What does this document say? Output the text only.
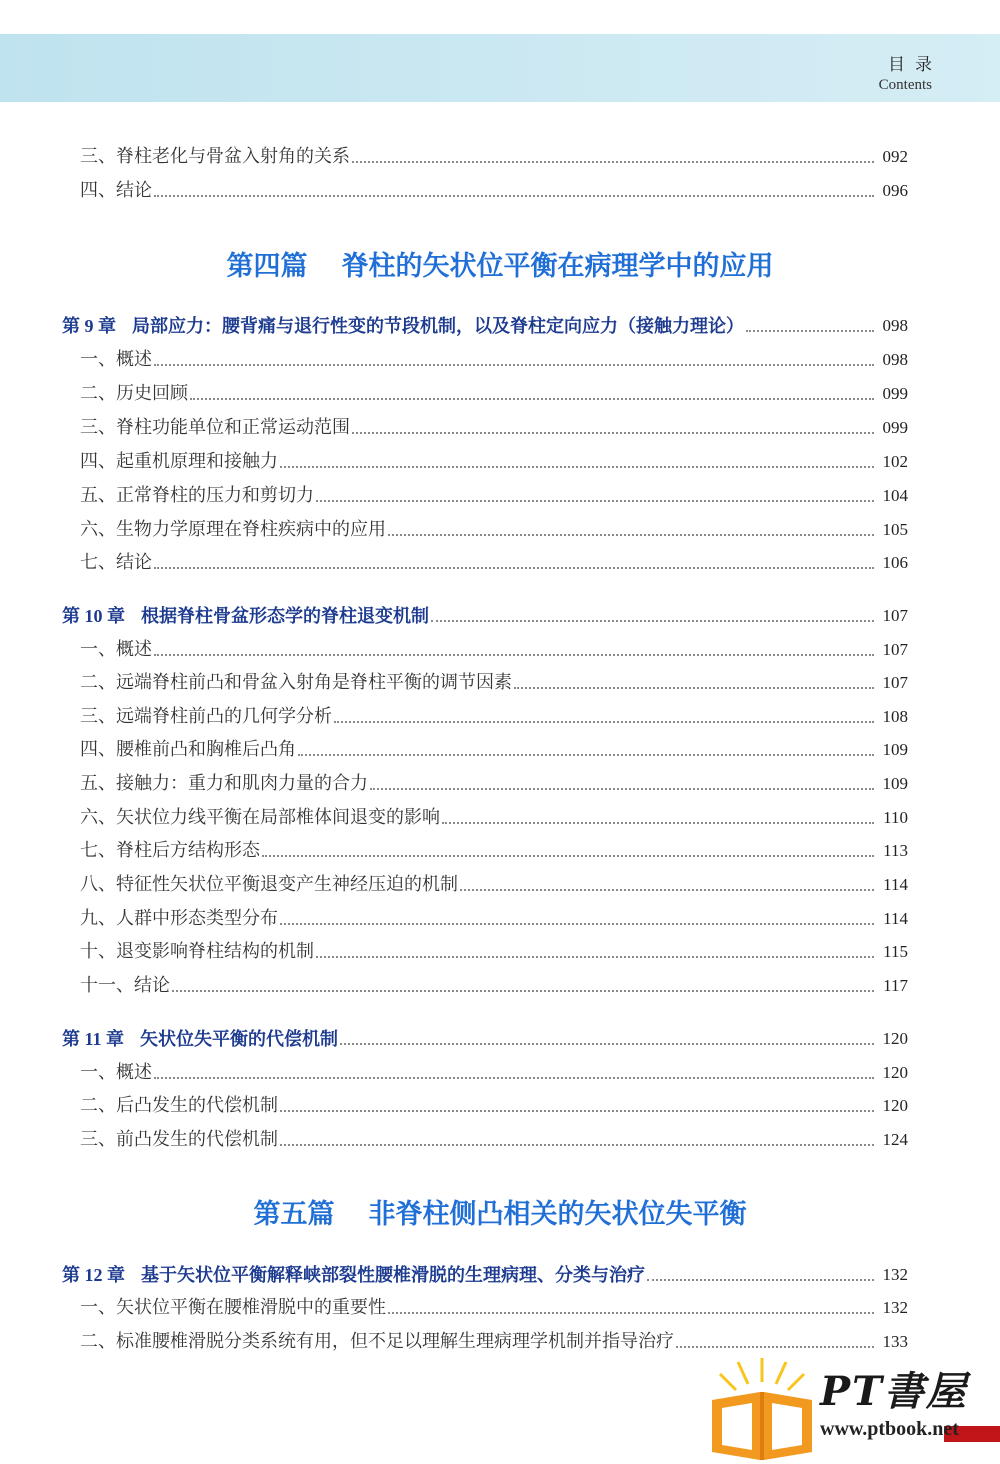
目录
Contents
三、脊柱老化与骨盆入射角的关系	092
四、结论	096
第四篇 脊柱的矢状位平衡在病理学中的应用
第 9 章 局部应力：腰背痛与退行性变的节段机制，以及脊柱定向应力（接触力理论）	098
一、概述	098
二、历史回顾	099
三、脊柱功能单位和正常运动范围	099
四、起重机原理和接触力	102
五、正常脊柱的压力和剪切力	104
六、生物力学原理在脊柱疾病中的应用	105
七、结论	106
第 10 章 根据脊柱骨盆形态学的脊柱退变机制	107
一、概述	107
二、远端脊柱前凸和骨盆入射角是脊柱平衡的调节因素	107
三、远端脊柱前凸的几何学分析	108
四、腰椎前凸和胸椎后凸角	109
五、接触力：重力和肌肉力量的合力	109
六、矢状位力线平衡在局部椎体间退变的影响	110
七、脊柱后方结构形态	113
八、特征性矢状位平衡退变产生神经压迫的机制	114
九、人群中形态类型分布	114
十、退变影响脊柱结构的机制	115
十一、结论	117
第 11 章 矢状位失平衡的代偿机制	120
一、概述	120
二、后凸发生的代偿机制	120
三、前凸发生的代偿机制	124
第五篇 非脊柱侧凸相关的矢状位失平衡
第 12 章 基于矢状位平衡解释峡部裂性腰椎滑脱的生理病理、分类与治疗	132
一、矢状位平衡在腰椎滑脱中的重要性	132
二、标准腰椎滑脱分类系统有用，但不足以理解生理病理学机制并指导治疗	133
PT書屋
www.ptbook.net
